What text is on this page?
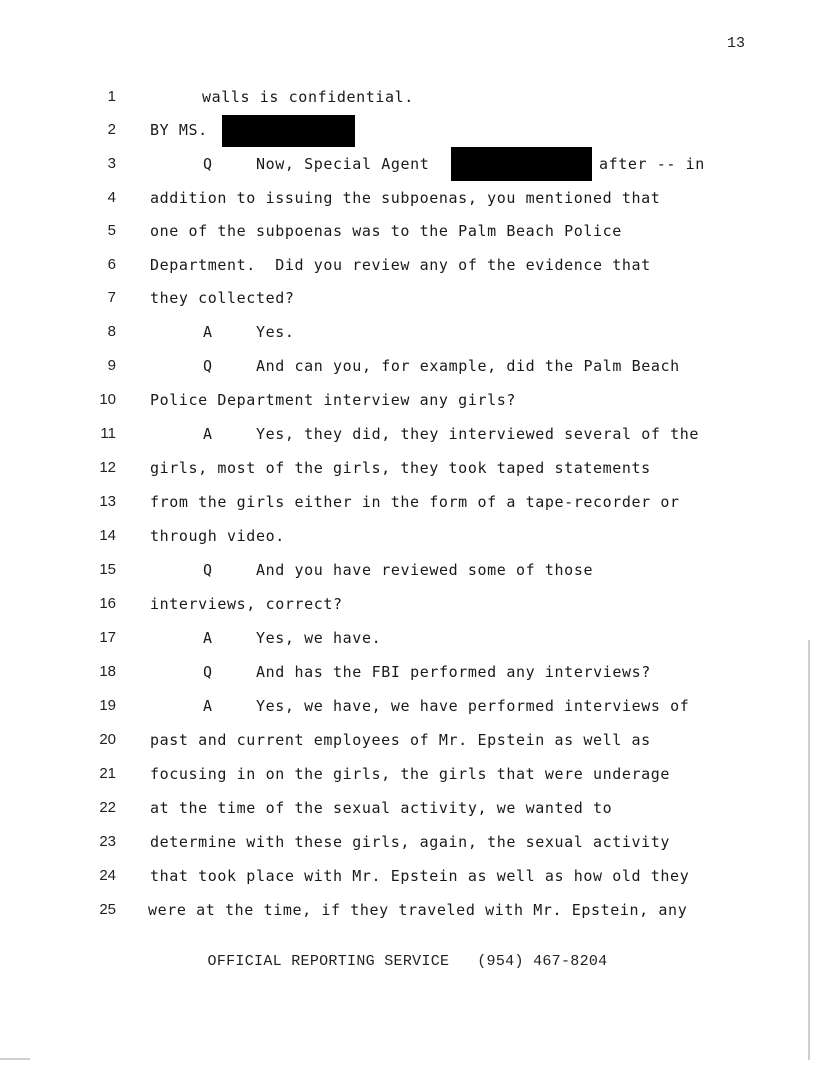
13
1	walls is confidential.
2 BY MS.
3	Q	Now, Special Agent	after -- in
4 addition to issuing the subpoenas, you mentioned that
5 one of the subpoenas was to the Palm Beach Police
6 Department.  Did you review any of the evidence that
7 they collected?
8	A	Yes.
9	Q	And can you, for example, did the Palm Beach
10 Police Department interview any girls?
11	A	Yes, they did, they interviewed several of the
12 girls, most of the girls, they took taped statements
13 from the girls either in the form of a tape-recorder or
14 through video.
15	Q	And you have reviewed some of those
16 interviews, correct?
17	A	Yes, we have.
18	Q	And has the FBI performed any interviews?
19	A	Yes, we have, we have performed interviews of
20 past and current employees of Mr. Epstein as well as
21 focusing in on the girls, the girls that were underage
22 at the time of the sexual activity, we wanted to
23 determine with these girls, again, the sexual activity
24 that took place with Mr. Epstein as well as how old they
25 were at the time, if they traveled with Mr. Epstein, any
OFFICIAL REPORTING SERVICE   (954) 467-8204
